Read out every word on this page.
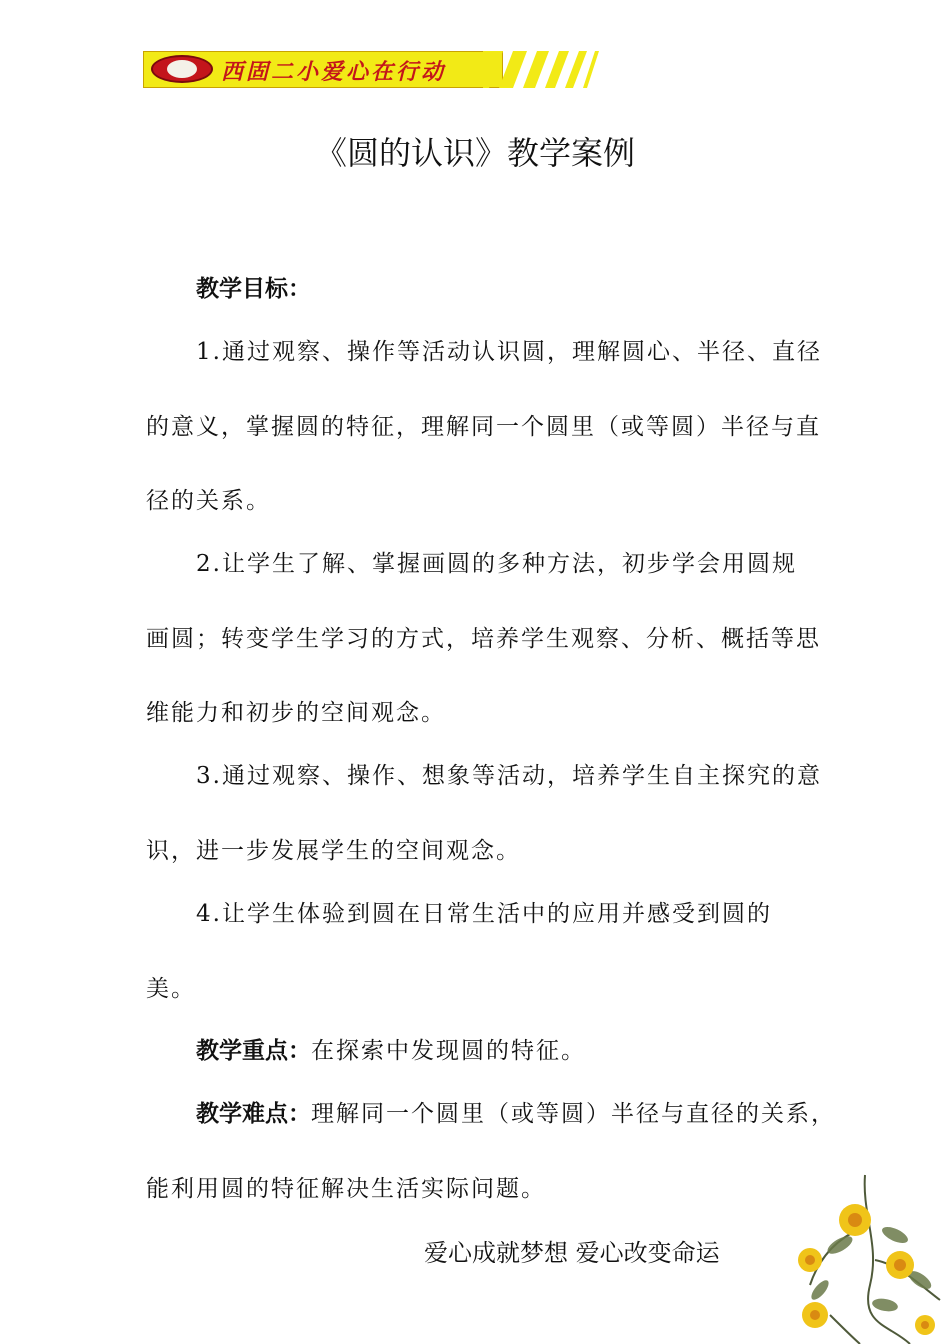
西固二小爱心在行动
《圆的认识》教学案例
教学目标：
1.通过观察、操作等活动认识圆，理解圆心、半径、直径
的意义，掌握圆的特征，理解同一个圆里（或等圆）半径与直
径的关系。
2.让学生了解、掌握画圆的多种方法，初步学会用圆规
画圆；转变学生学习的方式，培养学生观察、分析、概括等思
维能力和初步的空间观念。
3.通过观察、操作、想象等活动，培养学生自主探究的意
识，进一步发展学生的空间观念。
4.让学生体验到圆在日常生活中的应用并感受到圆的
美。
教学重点：在探索中发现圆的特征。
教学难点：理解同一个圆里（或等圆）半径与直径的关系，
能利用圆的特征解决生活实际问题。
爱心成就梦想 爱心改变命运
